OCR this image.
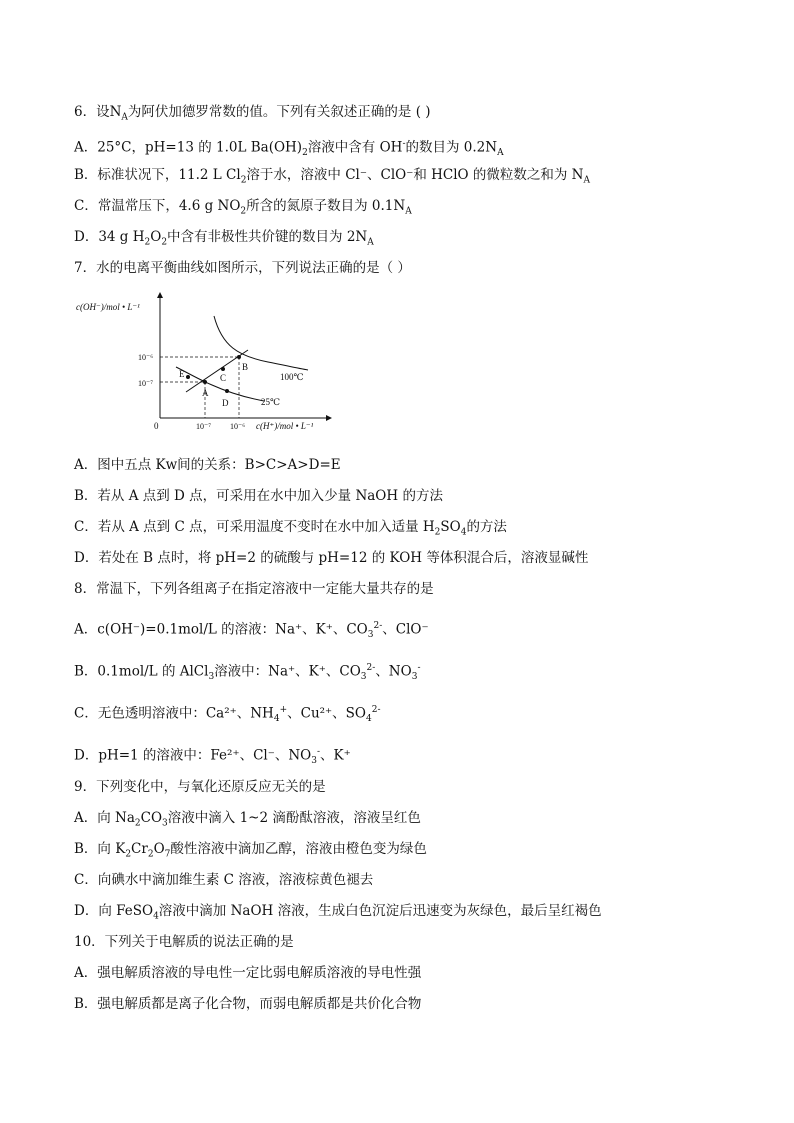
6．设$N_A$为阿伏加德罗常数的值。下列有关叙述正确的是 ( )
A．25°C，pH=13 的 1.0L $Ba(OH)_2$溶液中含有 OH-的数目为 $0.2N_A$
B．标准状况下，11.2 L $Cl_2$溶于水，溶液中 Cl⁻、ClO⁻和 HClO 的微粒数之和为 $N_A$
C．常温常压下，4.6 g $NO_2$所含的氮原子数目为 $0.1N_A$
D．34 g $H_2O_2$中含有非极性共价键的数目为 $2N_A$
7．水的电离平衡曲线如图所示，下列说法正确的是（ ）
c(OH⁻)/mol • L⁻¹
c(H⁺)/mol • L⁻¹
0	10⁻⁷ 10⁻⁶
10⁻⁶
10⁻⁷
100℃
25℃
A
B
C
D
E
A．图中五点 Kw间的关系：B>C>A>D=E
B．若从 A 点到 D 点，可采用在水中加入少量 NaOH 的方法
C．若从 A 点到 C 点，可采用温度不变时在水中加入适量 $H_2SO_4$的方法
D．若处在 B 点时，将 pH=2 的硫酸与 pH=12 的 KOH 等体积混合后，溶液显碱性
8．常温下，下列各组离子在指定溶液中一定能大量共存的是
A．c(OH⁻)=0.1mol/L 的溶液：Na⁺、K⁺、$CO_3^{2-}$、ClO⁻
B．0.1mol/L 的 AlCl$_3$溶液中：Na⁺、K⁺、$CO_3^{2-}$、$NO_3^-$
C．无色透明溶液中：Ca²⁺、$NH_4^+$、Cu²⁺、$SO_4^{2-}$
D．pH=1 的溶液中：Fe²⁺、Cl⁻、$NO_3^-$、K⁺
9．下列变化中，与氧化还原反应无关的是
A．向 $Na_2CO_3$溶液中滴入 1~2 滴酚酞溶液，溶液呈红色
B．向 $K_2Cr_2O_7$酸性溶液中滴加乙醇，溶液由橙色变为绿色
C．向碘水中滴加维生素 C 溶液，溶液棕黄色褪去
D．向 FeSO$_4$溶液中滴加 NaOH 溶液，生成白色沉淀后迅速变为灰绿色，最后呈红褐色
10．下列关于电解质的说法正确的是
A．强电解质溶液的导电性一定比弱电解质溶液的导电性强
B．强电解质都是离子化合物，而弱电解质都是共价化合物
